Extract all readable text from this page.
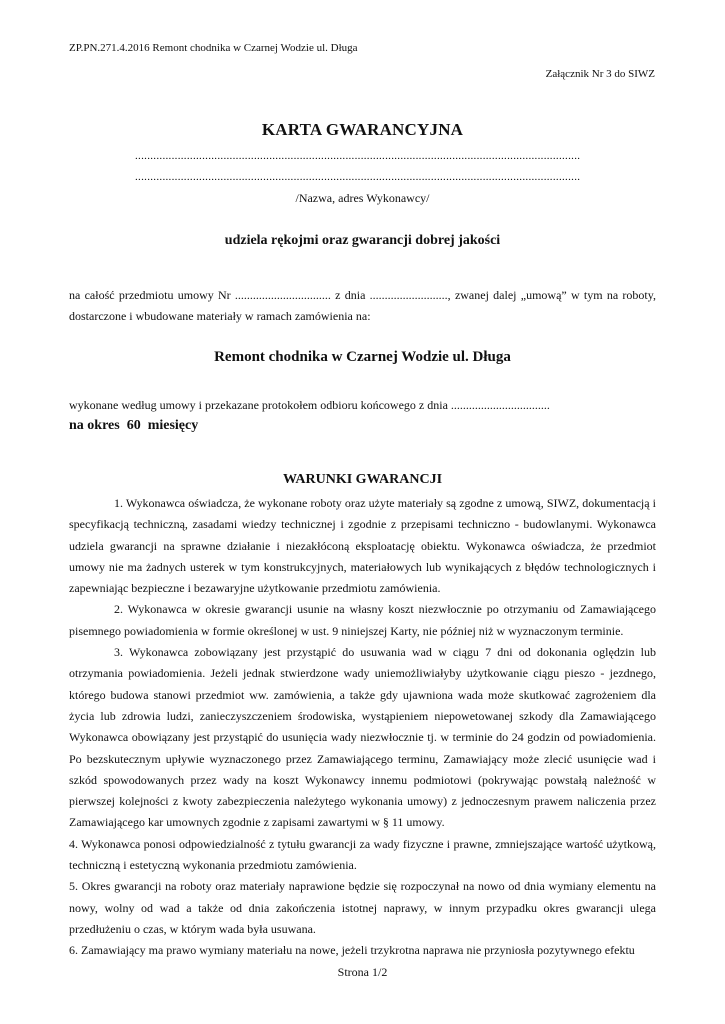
ZP.PN.271.4.2016 Remont chodnika w Czarnej Wodzie ul. Długa

Załącznik Nr 3 do SIWZ

KARTA GWARANCYJNA

..................................................................................................................................................

..................................................................................................................................................

/Nazwa, adres Wykonawcy/

udziela rękojmi oraz gwarancji dobrej jakości

na całość przedmiotu umowy Nr ................................ z dnia .........................., zwanej dalej „umową” w tym na roboty, dostarczone i wbudowane materiały w ramach zamówienia na:

Remont chodnika w Czarnej Wodzie ul. Długa

wykonane według umowy i przekazane protokołem odbioru końcowego z dnia .................................

na okres  60  miesięcy

WARUNKI GWARANCJI

1. Wykonawca oświadcza, że wykonane roboty oraz użyte materiały są zgodne z umową, SIWZ, dokumentacją i specyfikacją techniczną, zasadami wiedzy technicznej i zgodnie z przepisami techniczno - budowlanymi. Wykonawca udziela gwarancji na sprawne działanie i niezakłóconą eksploatację obiektu. Wykonawca oświadcza, że przedmiot umowy nie ma żadnych usterek w tym konstrukcyjnych, materiałowych lub wynikających z błędów technologicznych i zapewniając bezpieczne i bezawaryjne użytkowanie przedmiotu zamówienia.

2. Wykonawca w okresie gwarancji usunie na własny koszt niezwłocznie po otrzymaniu od Zamawiającego pisemnego powiadomienia w formie określonej w ust. 9 niniejszej Karty, nie później niż w wyznaczonym terminie.

3. Wykonawca zobowiązany jest przystąpić do usuwania wad w ciągu 7 dni od dokonania oględzin lub otrzymania powiadomienia. Jeżeli jednak stwierdzone wady uniemożliwiałyby użytkowanie ciągu pieszo - jezdnego, którego budowa stanowi przedmiot ww. zamówienia, a także gdy ujawniona wada może skutkować zagrożeniem dla życia lub zdrowia ludzi, zanieczyszczeniem środowiska, wystąpieniem niepowetowanej szkody dla Zamawiającego Wykonawca obowiązany jest przystąpić do usunięcia wady niezwłocznie tj. w terminie do 24 godzin od powiadomienia. Po bezskutecznym upływie wyznaczonego przez Zamawiającego terminu, Zamawiający może zlecić usunięcie wad i szkód spowodowanych przez wady na koszt Wykonawcy innemu podmiotowi (pokrywając powstałą należność w pierwszej kolejności z kwoty zabezpieczenia należytego wykonania umowy) z jednoczesnym prawem naliczenia przez Zamawiającego kar umownych zgodnie z zapisami zawartymi w § 11 umowy.

4. Wykonawca ponosi odpowiedzialność z tytułu gwarancji za wady fizyczne i prawne, zmniejszające wartość użytkową, techniczną i estetyczną wykonania przedmiotu zamówienia.

5. Okres gwarancji na roboty oraz materiały naprawione będzie się rozpoczynał na nowo od dnia wymiany elementu na nowy, wolny od wad a także od dnia zakończenia istotnej naprawy, w innym przypadku okres gwarancji ulega przedłużeniu o czas, w którym wada była usuwana.

6. Zamawiający ma prawo wymiany materiału na nowe, jeżeli trzykrotna naprawa nie przyniosła pozytywnego efektu

Strona 1/2
